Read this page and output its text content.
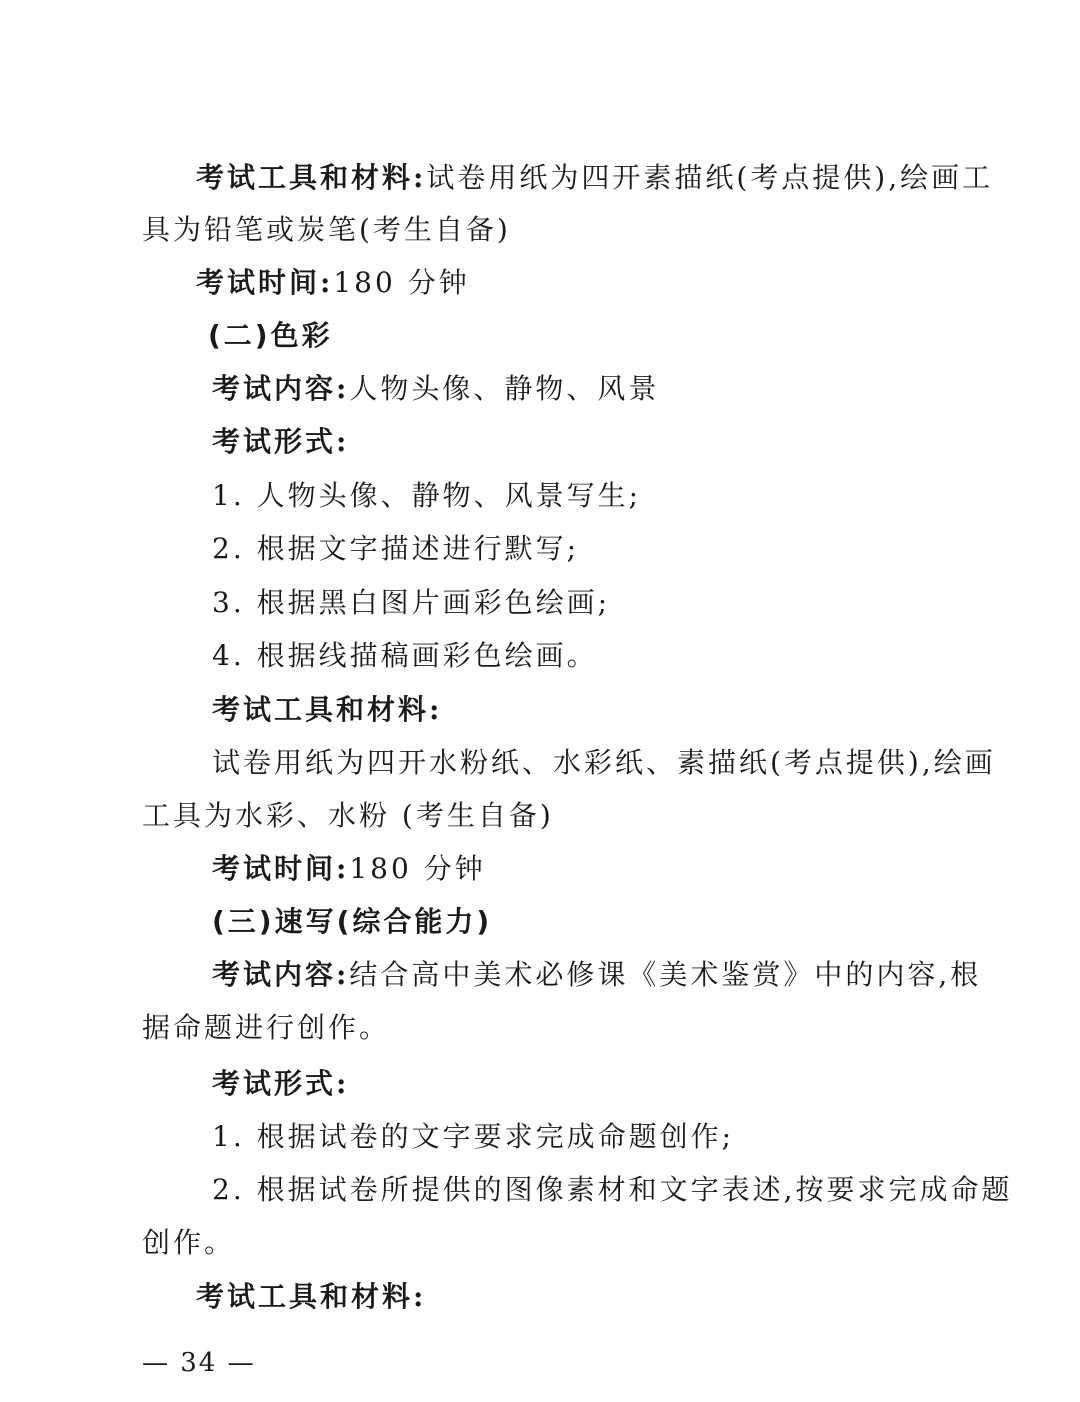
考试工具和材料:试卷用纸为四开素描纸(考点提供),绘画工
具为铅笔或炭笔(考生自备)
考试时间:180 分钟
(二)色彩
考试内容:人物头像、静物、风景
考试形式:
1. 人物头像、静物、风景写生;
2. 根据文字描述进行默写;
3. 根据黑白图片画彩色绘画;
4. 根据线描稿画彩色绘画。
考试工具和材料:
试卷用纸为四开水粉纸、水彩纸、素描纸(考点提供),绘画
工具为水彩、水粉 (考生自备)
考试时间:180 分钟
(三)速写(综合能力)
考试内容:结合高中美术必修课《美术鉴赏》中的内容,根
据命题进行创作。
考试形式:
1. 根据试卷的文字要求完成命题创作;
2. 根据试卷所提供的图像素材和文字表述,按要求完成命题
创作。
考试工具和材料:
— 34 —
